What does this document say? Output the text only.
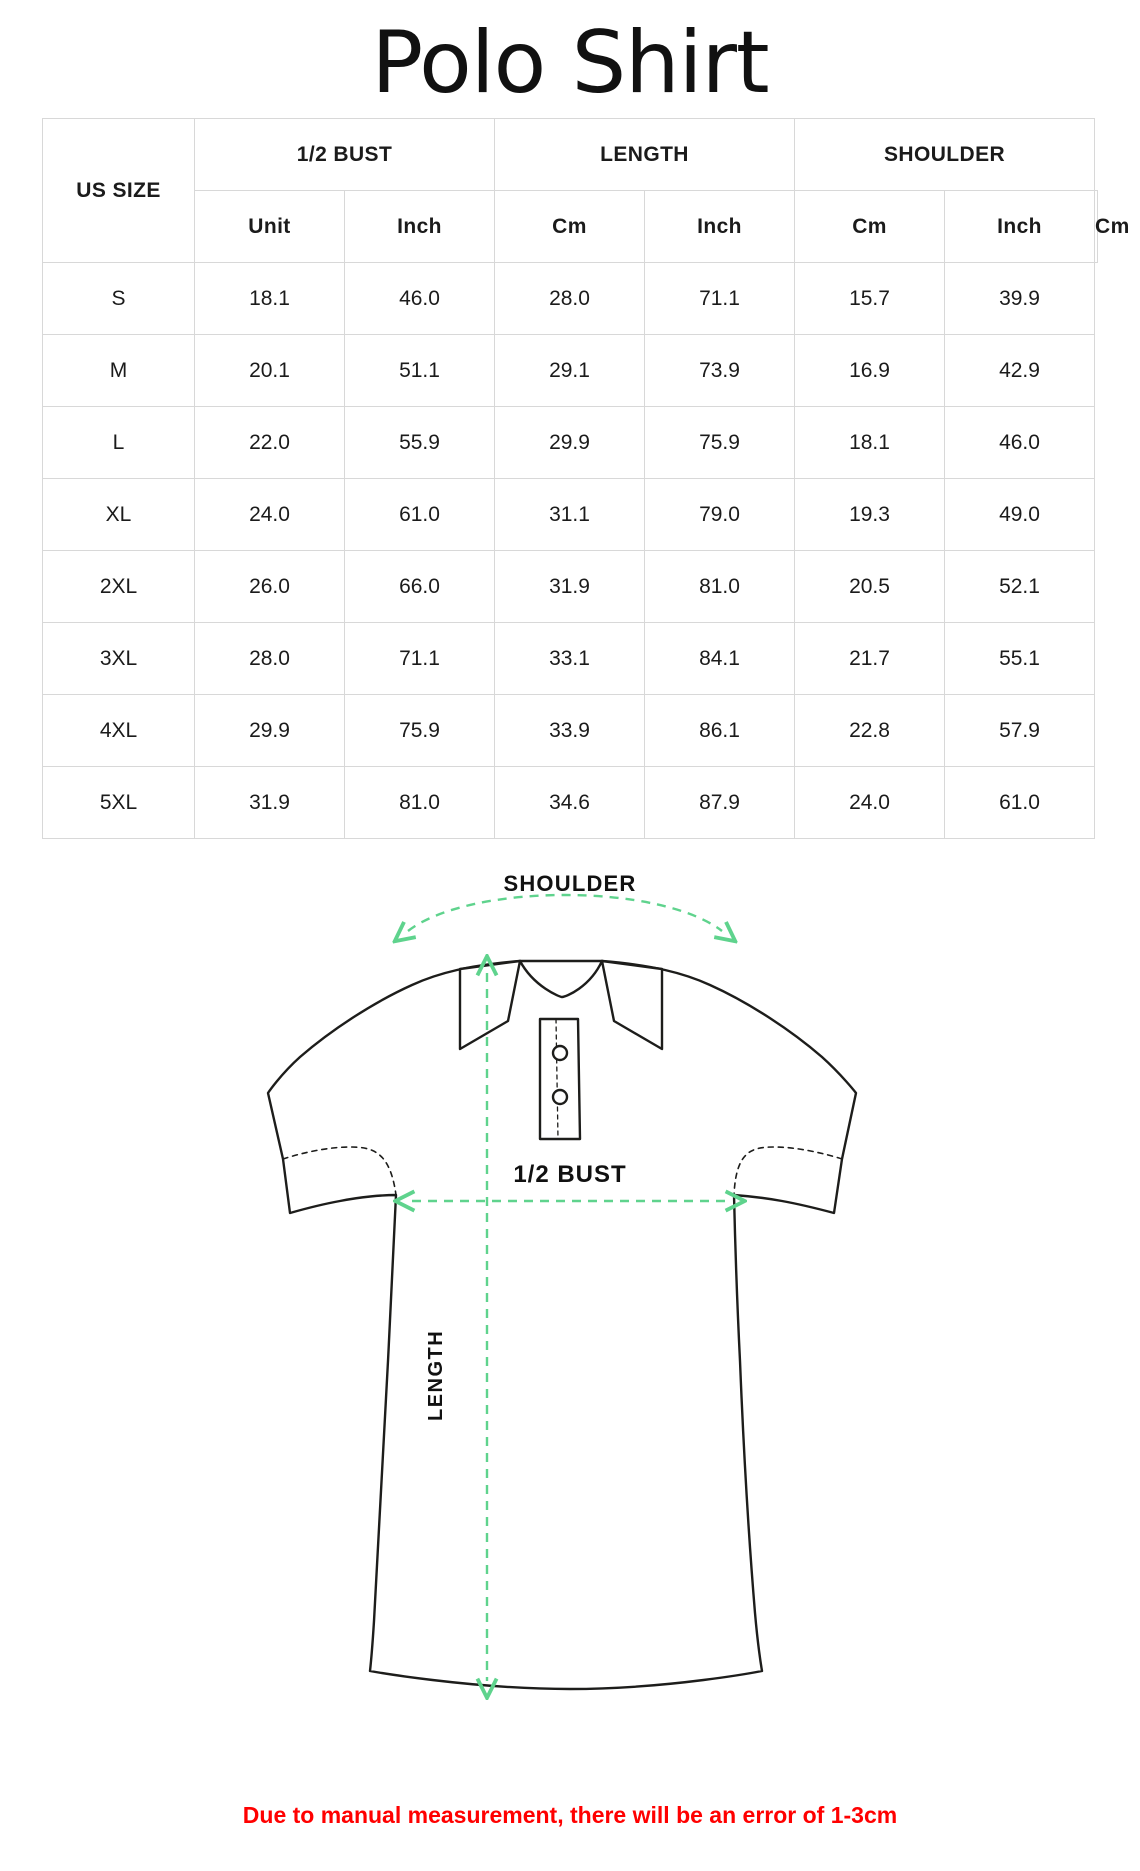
Polo Shirt
US SIZE	1/2 BUST		LENGTH		SHOULDER		
	Unit	Inch	Cm	Inch	Cm	Inch	Cm
S	18.1	46.0	28.0	71.1	15.7	39.9	
M	20.1	51.1	29.1	73.9	16.9	42.9	
L	22.0	55.9	29.9	75.9	18.1	46.0	
XL	24.0	61.0	31.1	79.0	19.3	49.0	
2XL	26.0	66.0	31.9	81.0	20.5	52.1	
3XL	28.0	71.1	33.1	84.1	21.7	55.1	
4XL	29.9	75.9	33.9	86.1	22.8	57.9	
5XL	31.9	81.0	34.6	87.9	24.0	61.0	
SHOULDER
1/2 BUST
LENGTH
Due to manual measurement, there will be an error of 1-3cm
